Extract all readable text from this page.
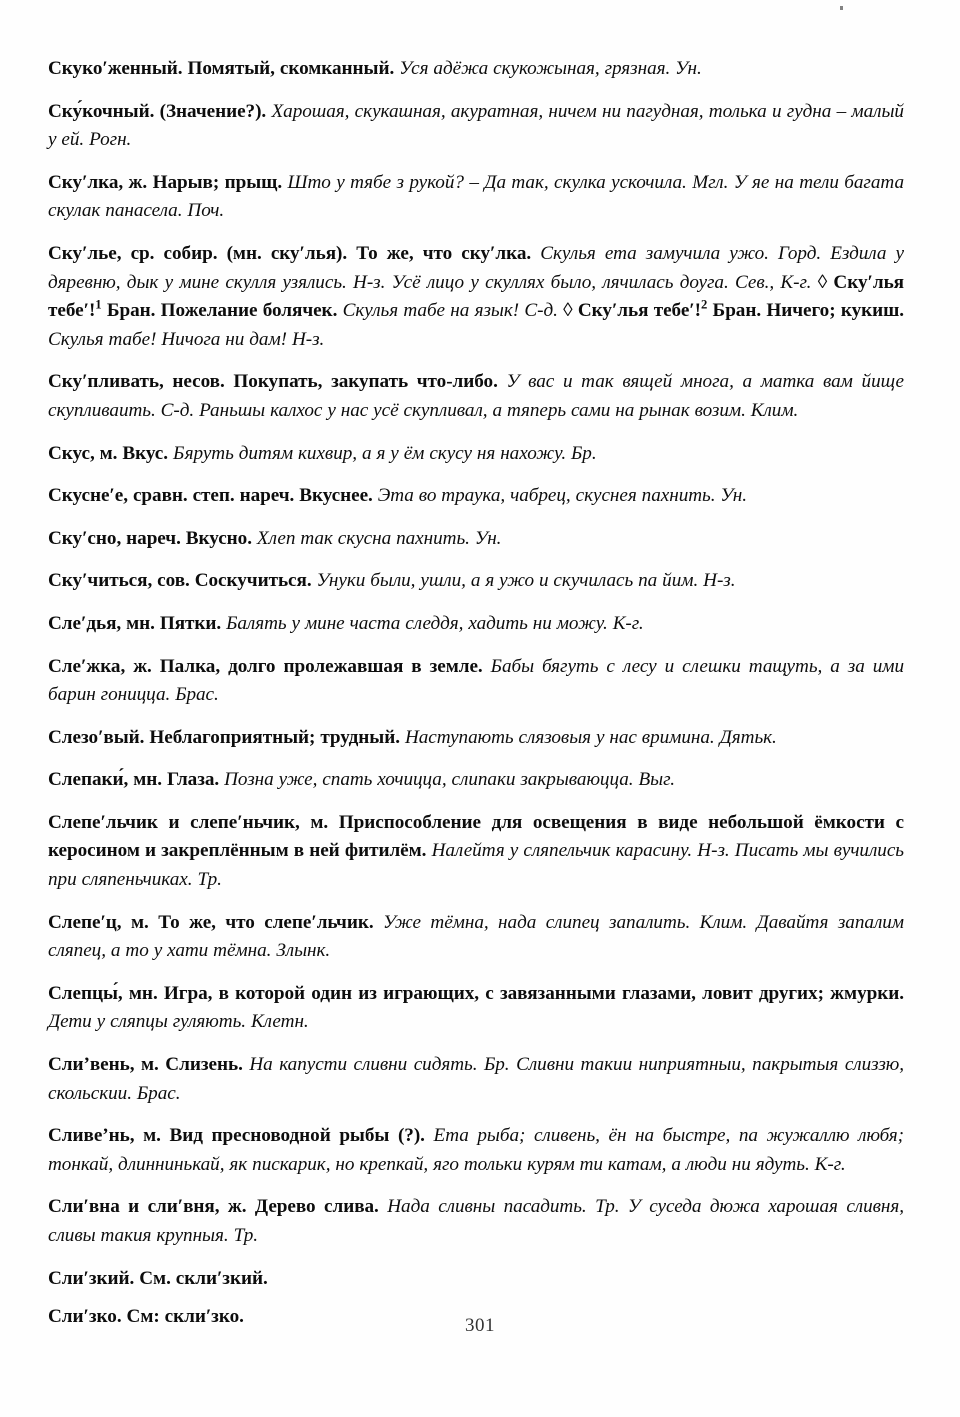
Скуко′женный. Помятый, скомканный. Уся адёжа скукожыная, грязная. Ун.

Ску́кочный. (Значение?). Харошая, скукашная, акуратная, ничем ни пагудная, толька и гудна – малый у ей. Рогн.

Ску′лка, ж. Нарыв; прыщ. Што у тябе з рукой? – Да так, скулка ускочила. Мгл. У яе на тели багата скулак панасела. Поч.

Ску′лье, ср. собир. (мн. ску′лья). То же, что ску′лка. Скулья ета замучила ужо. Горд. Ездила у дяревню, дык у мине скулля узялись. Н-з. Усё лицо у скуллях было, лячилась доуга. Сев., К-г. ◊ Ску′лья тебе′!$^1$ Бран. Пожелание болячек. Скулья табе на язык! С-д. ◊ Ску′лья тебе′!$^2$ Бран. Ничего; кукиш. Скулья табе! Ничога ни дам! Н-з.

Ску′пливать, несов. Покупать, закупать что-либо. У вас и так вящей многа, а матка вам йище скупливаить. С-д. Раньшы калхос у нас усё скупливал, а тяперь сами на рынак возим. Клим.

Скус, м. Вкус. Бяруть дитям кихвир, а я у ём скусу ня нахожу. Бр.

Скусне′е, сравн. степ. нареч. Вкуснее. Эта во траука, чабрец, скуснея пахнить. Ун.

Ску′сно, нареч. Вкусно. Хлеп так скусна пахнить. Ун.

Ску′читься, сов. Соскучиться. Унуки были, ушли, а я ужо и скучилась па йим. Н-з.

Сле′дья, мн. Пятки. Балять у мине часта следдя, хадить ни можу. К-г.

Сле′жка, ж. Палка, долго пролежавшая в земле. Бабы бягуть с лесу и слешки тащуть, а за ими барин гоницца. Брас.

Слезо′вый. Неблагоприятный; трудный. Наступають слязовыя у нас вримина. Дятьк.

Слепаки́, мн. Глаза. Позна уже, спать хочицца, слипаки закрываюцца. Выг.

Слепе′льчик и слепе′ньчик, м. Приспособление для освещения в виде небольшой ёмкости с керосином и закреплённым в ней фитилём. Налейтя у сляпельчик карасину. Н-з. Писать мы вучились при сляпеньчиках. Тр.

Слепе′ц, м. То же, что слепе′льчик. Уже тёмна, нада слипец запалить. Клим. Давайтя запалим сляпец, а то у хати тёмна. Злынк.

Слепцы́, мн. Игра, в которой один из играющих, с завязанными глазами, ловит других; жмурки. Дети у сляпцы гуляють. Клетн.

Сли’вень, м. Слизень. На капусти сливни сидять. Бр. Сливни такии ниприятныи, пакрытыя слиззю, скольскии. Брас.

Сливе’нь, м. Вид пресноводной рыбы (?). Ета рыба; сливень, ён на быстре, па жужаллю любя; тонкай, длиннинькай, як пискарик, но крепкай, яго тольки курям ти катам, а люди ни ядуть. К-г.

Сли′вна и сли′вня, ж. Дерево слива. Нада сливны пасадить. Тр. У суседа дюжа харошая сливня, сливы такия крупныя. Тр.

Сли′зкий. См. скли′зкий.

Сли′зко. См: скли′зко.	301
